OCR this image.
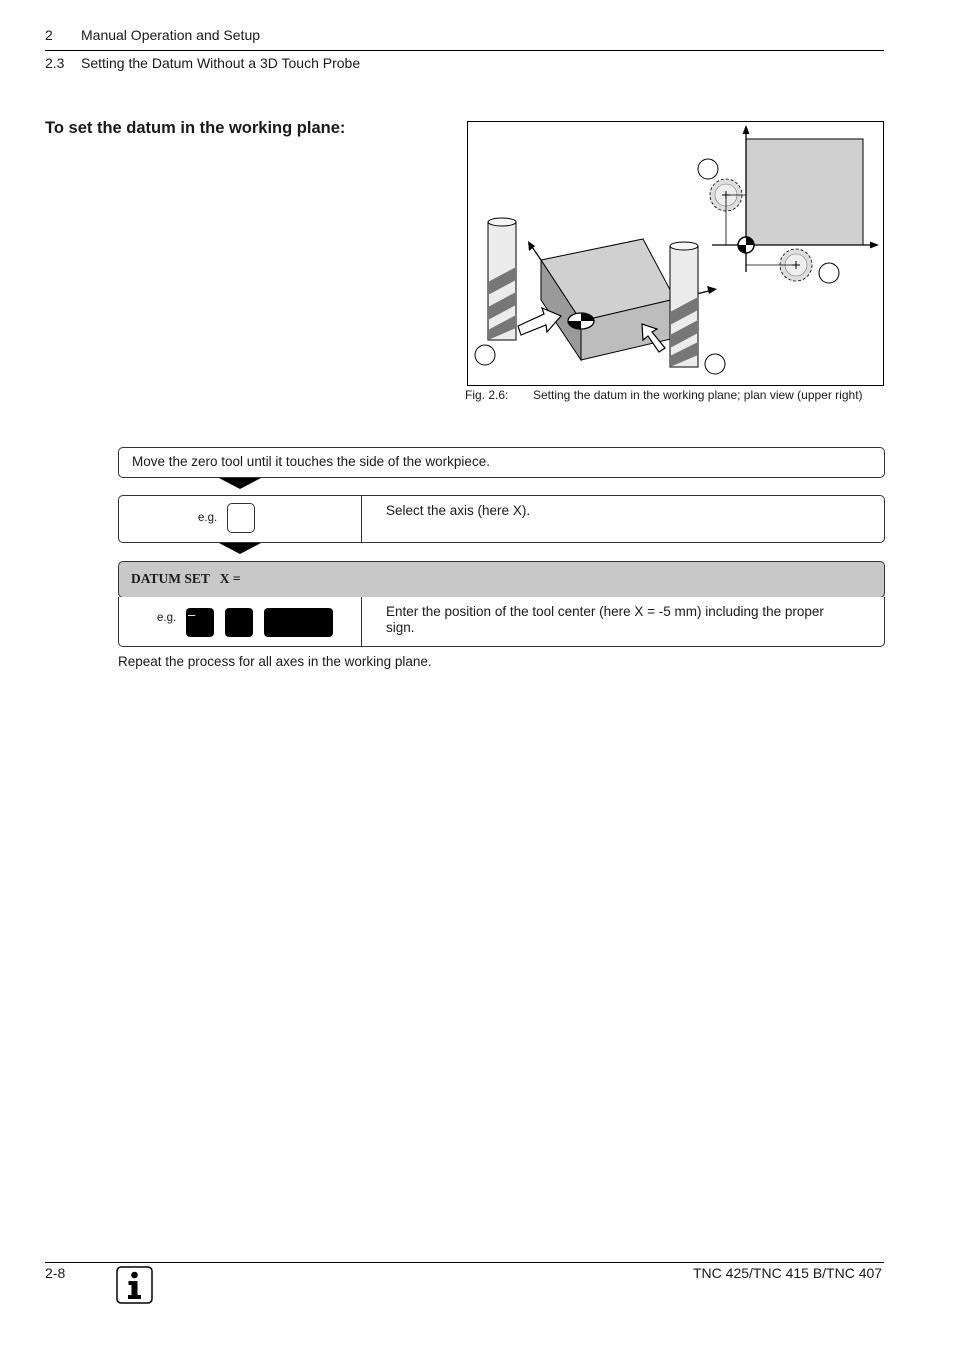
2 Manual Operation and Setup
2.3 Setting the Datum Without a 3D Touch Probe
To set the datum in the working plane:
Fig. 2.6: Setting the datum in the working plane; plan view (upper right)
Move the zero tool until it touches the side of the workpiece.
e.g.	Select the axis (here X).
DATUM SET   X =
e.g. –	Enter the position of the tool center (here X = -5 mm) including the proper sign.
Repeat the process for all axes in the working plane.
2-8	TNC 425/TNC 415 B/TNC 407
